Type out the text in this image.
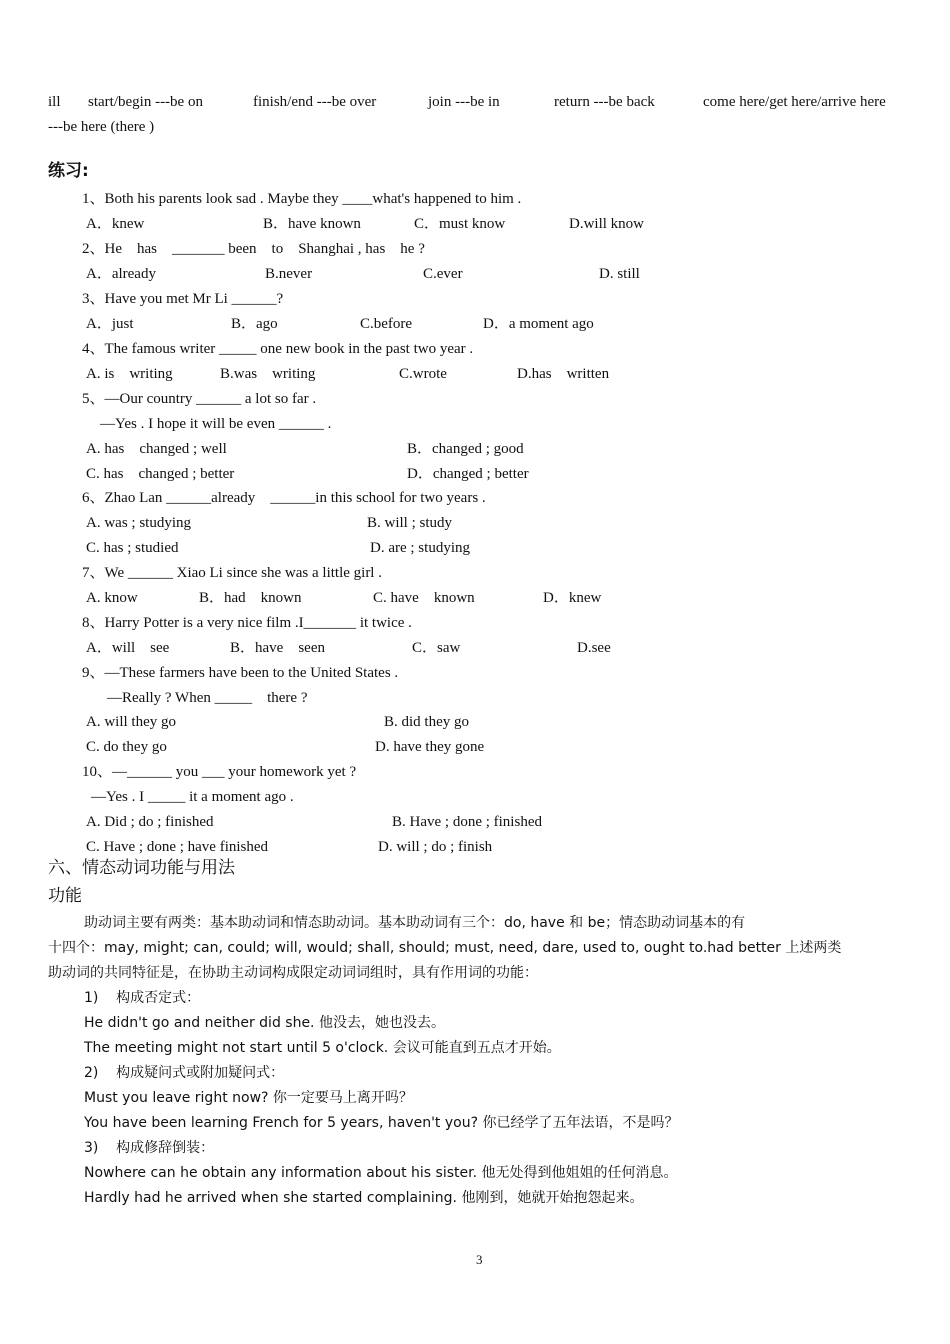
ill start/begin ---be on	finish/end ---be over	join ---be in	return ---be back	come here/get here/arrive here
---be here (there )
练习:
1、Both his parents look sad . Maybe they ____what's happened to him .
A．knew	B．have known	C．must know	D.will know
2、He    has    _______ been    to    Shanghai , has    he ?
A．already	B.never	C.ever	D. still
3、Have you met Mr Li ______?
A．just	B．ago	C.before	D．a moment ago
4、The famous writer _____ one new book in the past two year .
A. is    writing	B.was    writing	C.wrote	D.has    written
5、—Our country ______ a lot so far .
—Yes . I hope it will be even ______ .
A. has    changed ; well	B．changed ; good
C. has    changed ; better	D．changed ; better
6、Zhao Lan ______already    ______in this school for two years .
A. was ; studying	B. will ; study
C. has ; studied	D. are ; studying
7、We ______ Xiao Li since she was a little girl .
A. know	B．had    known	C. have    known	D．knew
8、Harry Potter is a very nice film .I_______ it twice .
A．will    see	B．have    seen	C．saw	D.see
9、—These farmers have been to the United States .
—Really ? When _____    there ?
A. will they go	B. did they go
C. do they go	D. have they gone
10、—______ you ___ your homework yet ?
—Yes . I _____ it a moment ago .
A. Did ; do ; finished	B. Have ; done ; finished
C. Have ; done ; have finished	D. will ; do ; finish
六、情态动词功能与用法
功能
助动词主要有两类：基本助动词和情态助动词。基本助动词有三个：do, have 和 be；情态助动词基本的有
十四个：may, might; can, could; will, would; shall, should; must, need, dare, used to, ought to.had better 上述两类
助动词的共同特征是，在协助主动词构成限定动词词组时，具有作用词的功能：
1)    构成否定式：
He didn't go and neither did she. 他没去，她也没去。
The meeting might not start until 5 o'clock. 会议可能直到五点才开始。
2)    构成疑问式或附加疑问式：
Must you leave right now? 你一定要马上离开吗？
You have been learning French for 5 years, haven't you? 你已经学了五年法语，不是吗？
3)    构成修辞倒装：
Nowhere can he obtain any information about his sister. 他无处得到他姐姐的任何消息。
Hardly had he arrived when she started complaining. 他刚到，她就开始抱怨起来。
3
